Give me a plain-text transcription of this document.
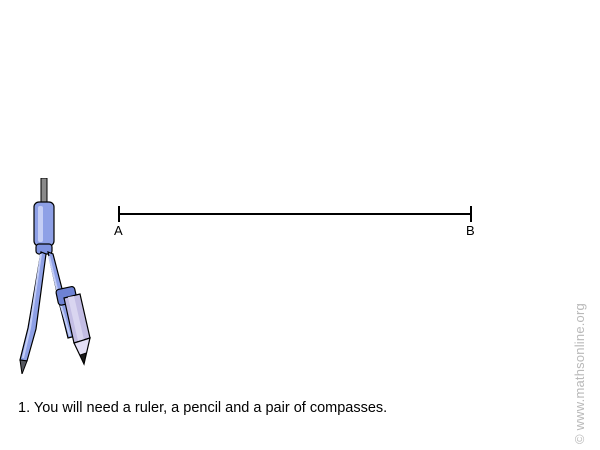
A	B
1. You will need a ruler, a pencil and a pair of compasses.	© www.mathsonline.org
